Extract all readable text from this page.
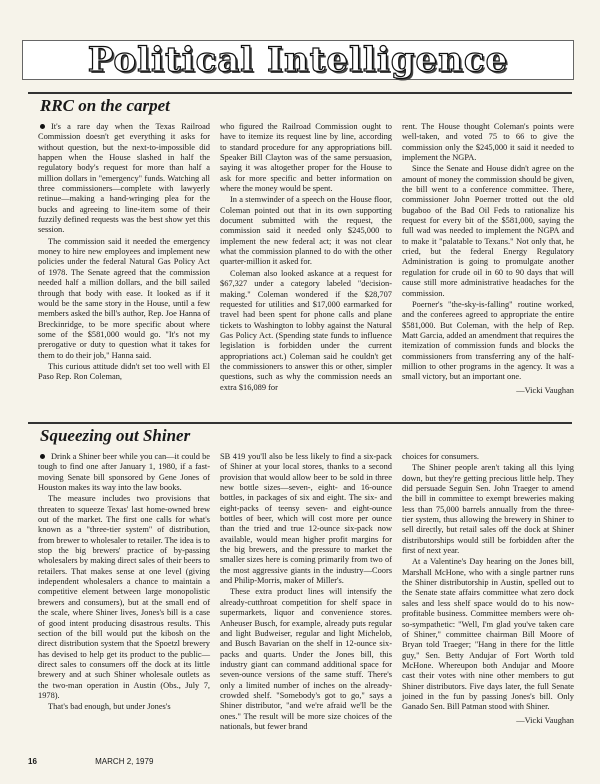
Political Intelligence
RRC on the carpet

It's a rare day when the Texas Railroad Commission doesn't get everything it asks for without question, but the next-to-impossible did happen when the House slashed in half the regulatory body's request for more than half a million dollars in "emergency" funds. Watching all three commissioners—complete with lawyerly retinue—making a hand-wringing plea for the bucks and agreeing to line-item some of their fuzzily defined requests was the best show yet this session.

The commission said it needed the emergency money to hire new employees and implement new policies under the federal Natural Gas Policy Act of 1978. The Senate agreed that the commission needed half a million dollars, and the bill sailed through that body with ease. It looked as if it would be the same story in the House, until a few members asked the bill's author, Rep. Joe Hanna of Breckinridge, to be more specific about where some of the $581,000 would go. "It's not my prerogative or duty to question what it takes for them to do their job," Hanna said.

This curious attitude didn't set too well with El Paso Rep. Ron Coleman,

who figured the Railroad Commission ought to have to itemize its request line by line, according to standard procedure for any appropriations bill. Speaker Bill Clayton was of the same persuasion, saying it was altogether proper for the House to ask for more specific and better information on where the money would be spent.

In a stemwinder of a speech on the House floor, Coleman pointed out that in its own supporting document submitted with the request, the commission said it needed only $245,000 to implement the new federal act; it was not clear what the commission planned to do with the other quarter-million it asked for.

Coleman also looked askance at a request for $67,327 under a category labeled "decision-making." Coleman wondered if the $28,707 requested for utilities and $17,000 earmarked for travel had been spent for phone calls and plane tickets to Washington to lobby against the Natural Gas Policy Act. (Spending state funds to influence legislation is forbidden under the current appropriations act.) Coleman said he couldn't get the commissioners to answer this or other, simpler questions, such as why the commission needs an extra $16,089 for

rent. The House thought Coleman's points were well-taken, and voted 75 to 66 to give the commission only the $245,000 it said it needed to implement the NGPA.

Since the Senate and House didn't agree on the amount of money the commission should be given, the bill went to a conference committee. There, commissioner John Poerner trotted out the old bugaboo of the Bad Oil Feds to rationalize his request for every bit of the $581,000, saying the full wad was needed to implement the NGPA and to make it "palatable to Texans." Not only that, he cried, but the federal Energy Regulatory Administration is going to promulgate another regulation for crude oil in 60 to 90 days that will cause still more administrative headaches for the commission.

Poerner's "the-sky-is-falling" routine worked, and the conferees agreed to appropriate the entire $581,000. But Coleman, with the help of Rep. Matt Garcia, added an amendment that requires the itemization of commission funds and blocks the commissioners from transferring any of the half-million to other programs in the agency. It was a small victory, but an important one.

—Vicki Vaughan
Squeezing out Shiner

Drink a Shiner beer while you can—it could be tough to find one after January 1, 1980, if a fast-moving Senate bill sponsored by Gene Jones of Houston makes its way into the law books.

The measure includes two provisions that threaten to squeeze Texas' last home-owned brew out of the market. The first one calls for what's known as a "three-tier system" of distribution, from brewer to wholesaler to retailer. The idea is to stop the big brewers' practice of by-passing wholesalers by making direct sales of their beers to retailers. That makes sense at one level (giving independent wholesalers a chance to maintain a competitive element between large monopolistic brewers and consumers), but at the small end of the scale, where Shiner lives, Jones's bill is a case of good intent producing disastrous results. This section of the bill would put the kibosh on the direct distribution system that the Spoetzl brewery has devised to help get its product to the public—direct sales to consumers off the dock at its little brewery and at such Shiner wholesale outlets as the two-man operation in Austin (Obs., July 7, 1978).

That's bad enough, but under Jones's

SB 419 you'll also be less likely to find a six-pack of Shiner at your local stores, thanks to a second provision that would allow beer to be sold in three new bottle sizes—seven-, eight- and 16-ounce bottles, in packages of six and eight. The six- and eight-packs of teensy seven- and eight-ounce bottles of beer, which will cost more per ounce than the tried and true 12-ounce six-pack now available, would mean higher profit margins for the big brewers, and the pressure to market the smaller sizes here is coming primarily from two of the most aggressive giants in the industry—Coors and Philip-Morris, maker of Miller's.

These extra product lines will intensify the already-cutthroat competition for shelf space in supermarkets, liquor and convenience stores. Anheuser Busch, for example, already puts regular and light Budweiser, regular and light Michelob, and Busch Bavarian on the shelf in 12-ounce six-packs and quarts. Under the Jones bill, this industry giant can command additional space for seven-ounce versions of the same stuff. There's only a limited number of inches on the already-crowded shelf. "Somebody's got to go," says a Shiner distributor, "and we're afraid we'll be the ones." The result will be more size choices of the nationals, but fewer brand

choices for consumers.

The Shiner people aren't taking all this lying down, but they're getting precious little help. They did persuade Seguin Sen. John Traeger to amend the bill in committee to exempt breweries making less than 75,000 barrels annually from the three-tier system, thus allowing the brewery in Shiner to sell directly, but retail sales off the dock at Shiner distributorships would still be forbidden after the first of next year.

At a Valentine's Day hearing on the Jones bill, Marshall McHone, who with a single partner runs the Shiner distributorship in Austin, spelled out to the Senate state affairs committee what zero dock sales and less shelf space would do to his now-profitable business. Committee members were oh-so-sympathetic: "Well, I'm glad you've taken care of Shiner," committee chairman Bill Moore of Bryan told Traeger; "Hang in there for the little guy," Sen. Betty Andujar of Fort Worth told McHone. Whereupon both Andujar and Moore cast their votes with nine other members to gut Shiner distributors. Five days later, the full Senate joined in the fun by passing Jones's bill. Only Ganado Sen. Bill Patman stood with Shiner.

—Vicki Vaughan
16	MARCH 2, 1979
